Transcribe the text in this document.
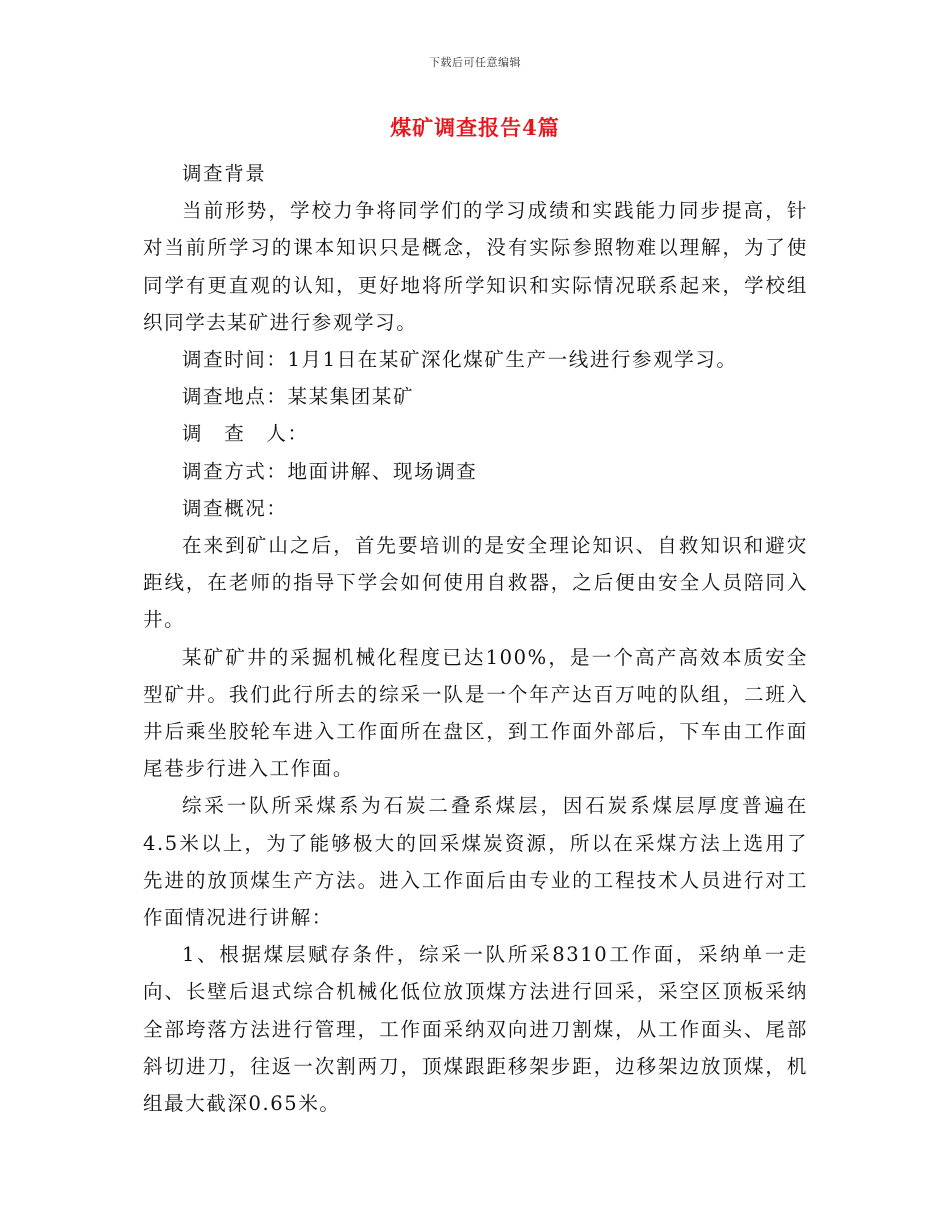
下载后可任意编辑
煤矿调查报告4篇

调查背景

当前形势，学校力争将同学们的学习成绩和实践能力同步提高，针对当前所学习的课本知识只是概念，没有实际参照物难以理解，为了使同学有更直观的认知，更好地将所学知识和实际情况联系起来，学校组织同学去某矿进行参观学习。

调查时间：1月1日在某矿深化煤矿生产一线进行参观学习。

调查地点：某某集团某矿

调　查　人：

调查方式：地面讲解、现场调查

调查概况：

在来到矿山之后，首先要培训的是安全理论知识、自救知识和避灾距线，在老师的指导下学会如何使用自救器，之后便由安全人员陪同入井。

某矿矿井的采掘机械化程度已达100%，是一个高产高效本质安全型矿井。我们此行所去的综采一队是一个年产达百万吨的队组，二班入井后乘坐胶轮车进入工作面所在盘区，到工作面外部后，下车由工作面尾巷步行进入工作面。

综采一队所采煤系为石炭二叠系煤层，因石炭系煤层厚度普遍在4.5米以上，为了能够极大的回采煤炭资源，所以在采煤方法上选用了先进的放顶煤生产方法。进入工作面后由专业的工程技术人员进行对工作面情况进行讲解：

1、根据煤层赋存条件，综采一队所采8310工作面，采纳单一走向、长壁后退式综合机械化低位放顶煤方法进行回采，采空区顶板采纳全部垮落方法进行管理，工作面采纳双向进刀割煤，从工作面头、尾部斜切进刀，往返一次割两刀，顶煤跟距移架步距，边移架边放顶煤，机组最大截深0.65米。
